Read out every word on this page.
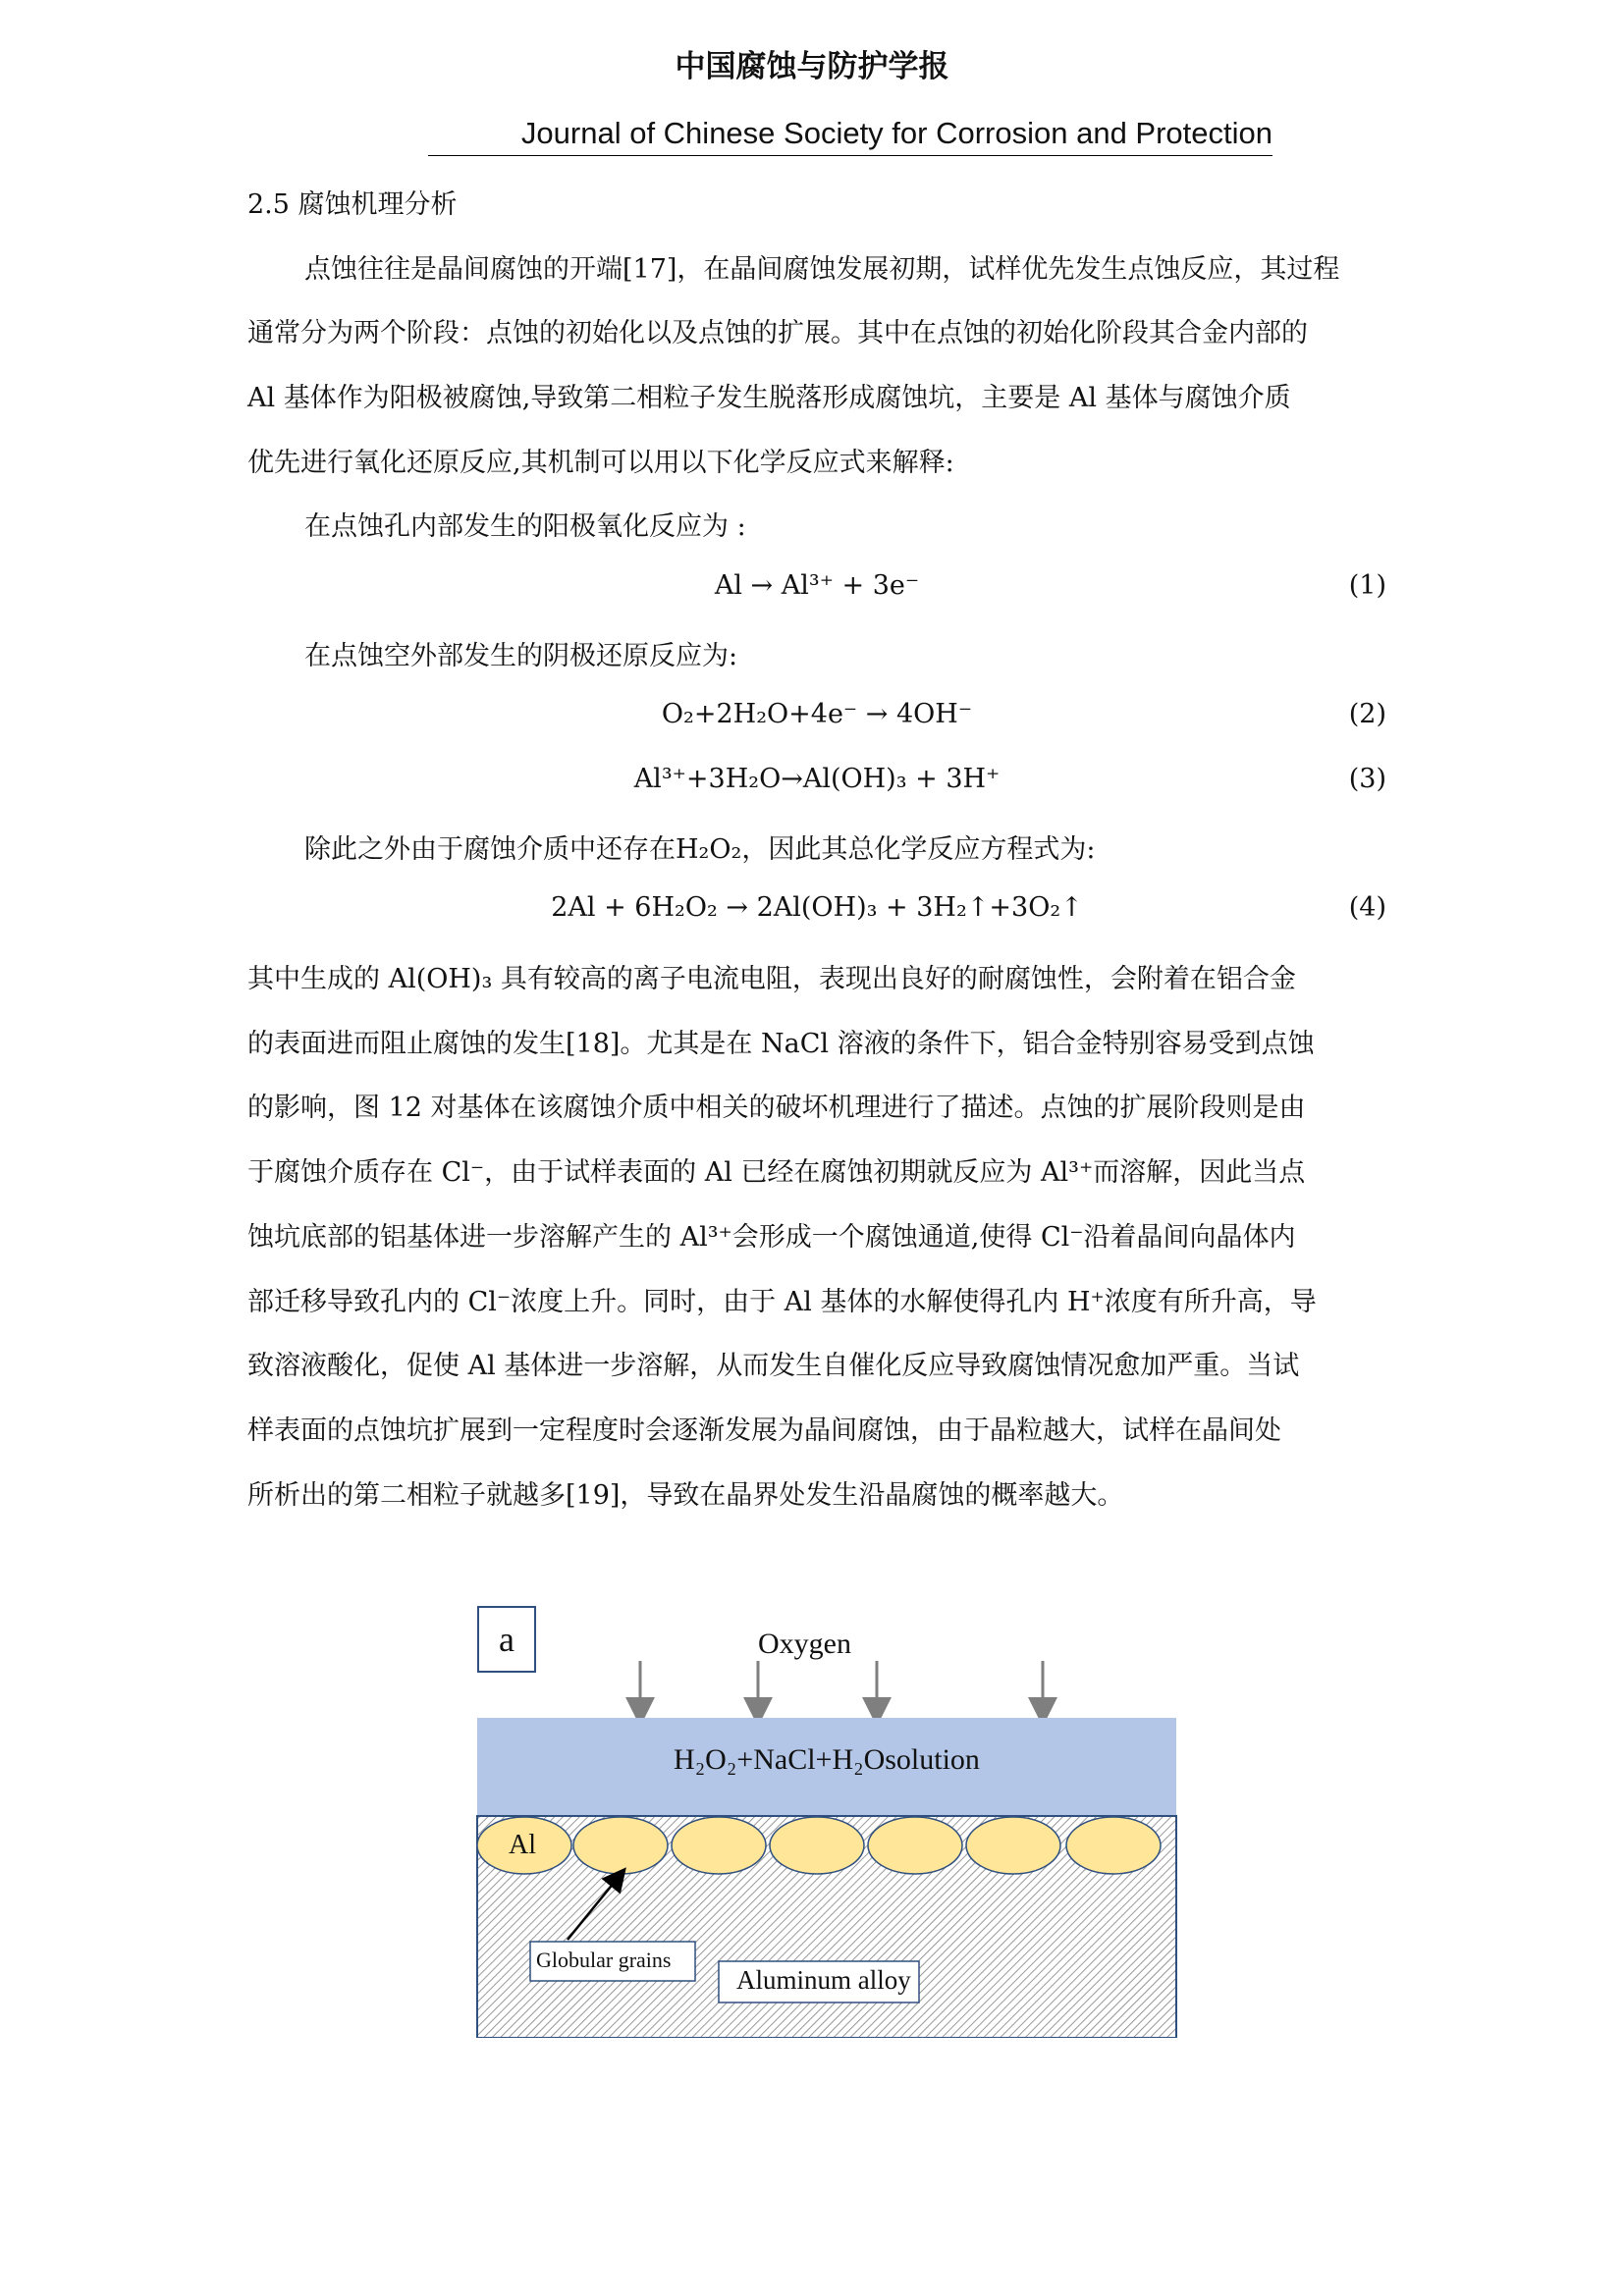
中国腐蚀与防护学报
Journal of Chinese Society for Corrosion and Protection
2.5 腐蚀机理分析
点蚀往往是晶间腐蚀的开端[17]，在晶间腐蚀发展初期，试样优先发生点蚀反应，其过程
通常分为两个阶段：点蚀的初始化以及点蚀的扩展。其中在点蚀的初始化阶段其合金内部的
Al 基体作为阳极被腐蚀,导致第二相粒子发生脱落形成腐蚀坑，主要是 Al 基体与腐蚀介质
优先进行氧化还原反应,其机制可以用以下化学反应式来解释:
在点蚀孔内部发生的阳极氧化反应为 :
Al → Al³⁺ + 3e⁻	(1)
在点蚀空外部发生的阴极还原反应为:
O₂+2H₂O+4e⁻ → 4OH⁻	(2)
Al³⁺+3H₂O→Al(OH)₃ + 3H⁺	(3)
除此之外由于腐蚀介质中还存在H₂O₂，因此其总化学反应方程式为:
2Al + 6H₂O₂ → 2Al(OH)₃ + 3H₂↑+3O₂↑	(4)
其中生成的 Al(OH)₃ 具有较高的离子电流电阻，表现出良好的耐腐蚀性，会附着在铝合金
的表面进而阻止腐蚀的发生[18]。尤其是在 NaCl 溶液的条件下，铝合金特别容易受到点蚀
的影响，图 12 对基体在该腐蚀介质中相关的破坏机理进行了描述。点蚀的扩展阶段则是由
于腐蚀介质存在 Cl⁻，由于试样表面的 Al 已经在腐蚀初期就反应为 Al³⁺而溶解，因此当点
蚀坑底部的铝基体进一步溶解产生的 Al³⁺会形成一个腐蚀通道,使得 Cl⁻沿着晶间向晶体内
部迁移导致孔内的 Cl⁻浓度上升。同时，由于 Al 基体的水解使得孔内 H⁺浓度有所升高，导
致溶液酸化，促使 Al 基体进一步溶解，从而发生自催化反应导致腐蚀情况愈加严重。当试
样表面的点蚀坑扩展到一定程度时会逐渐发展为晶间腐蚀，由于晶粒越大，试样在晶间处
所析出的第二相粒子就越多[19]，导致在晶界处发生沿晶腐蚀的概率越大。
a	Oxygen
H₂O₂+NaCl+H₂Osolution
Al
Globular grains
Aluminum alloy
